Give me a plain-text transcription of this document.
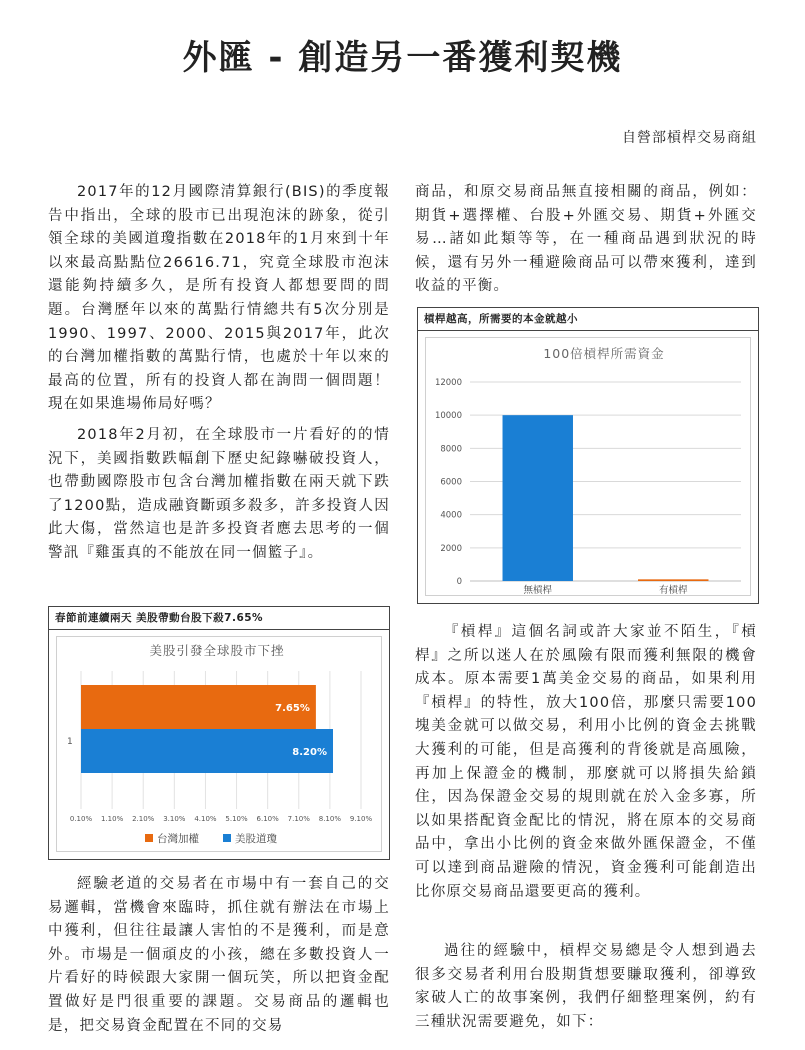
外匯 - 創造另一番獲利契機
自營部槓桿交易商組

2017年的12月國際清算銀行(BIS)的季度報告中指出，全球的股市已出現泡沫的跡象，從引領全球的美國道瓊指數在2018年的1月來到十年以來最高點點位26616.71，究竟全球股市泡沫還能夠持續多久，是所有投資人都想要問的問題。台灣歷年以來的萬點行情總共有5次分別是1990、1997、2000、2015與2017年，此次的台灣加權指數的萬點行情，也處於十年以來的最高的位置，所有的投資人都在詢問一個問題！現在如果進場佈局好嗎？

2018年2月初，在全球股市一片看好的的情況下，美國指數跌幅創下歷史紀錄嚇破投資人，也帶動國際股市包含台灣加權指數在兩天就下跌了1200點，造成融資斷頭多殺多，許多投資人因此大傷，當然這也是許多投資者應去思考的一個警訊『雞蛋真的不能放在同一個籃子』。

春節前連續兩天 美股帶動台股下殺7.65%
美股引發全球股市下挫
7.65%
8.20%
0.10% 1.10% 2.10% 3.10% 4.10% 5.10% 6.10% 7.10% 8.10% 9.10%
1
台灣加權	美股道瓊

經驗老道的交易者在市場中有一套自己的交易邏輯，當機會來臨時，抓住就有辦法在市場上中獲利，但往往最讓人害怕的不是獲利，而是意外。市場是一個頑皮的小孩，總在多數投資人一片看好的時候跟大家開一個玩笑，所以把資金配置做好是門很重要的課題。交易商品的邏輯也是，把交易資金配置在不同的交易

商品，和原交易商品無直接相關的商品，例如：期貨+選擇權、台股+外匯交易、期貨+外匯交易…諸如此類等等，在一種商品遇到狀況的時候，還有另外一種避險商品可以帶來獲利，達到收益的平衡。

槓桿越高，所需要的本金就越小
100倍槓桿所需資金
0
2000
4000
6000
8000
10000
12000
無槓桿	有槓桿

『槓桿』這個名詞或許大家並不陌生，『槓桿』之所以迷人在於風險有限而獲利無限的機會成本。原本需要1萬美金交易的商品，如果利用『槓桿』的特性，放大100倍，那麼只需要100塊美金就可以做交易，利用小比例的資金去挑戰大獲利的可能，但是高獲利的背後就是高風險，再加上保證金的機制，那麼就可以將損失給鎖住，因為保證金交易的規則就在於入金多寡，所以如果搭配資金配比的情況，將在原本的交易商品中，拿出小比例的資金來做外匯保證金，不僅可以達到商品避險的情況，資金獲利可能創造出比你原交易商品還要更高的獲利。

過往的經驗中，槓桿交易總是令人想到過去很多交易者利用台股期貨想要賺取獲利，卻導致家破人亡的故事案例，我們仔細整理案例，約有三種狀況需要避免，如下：
